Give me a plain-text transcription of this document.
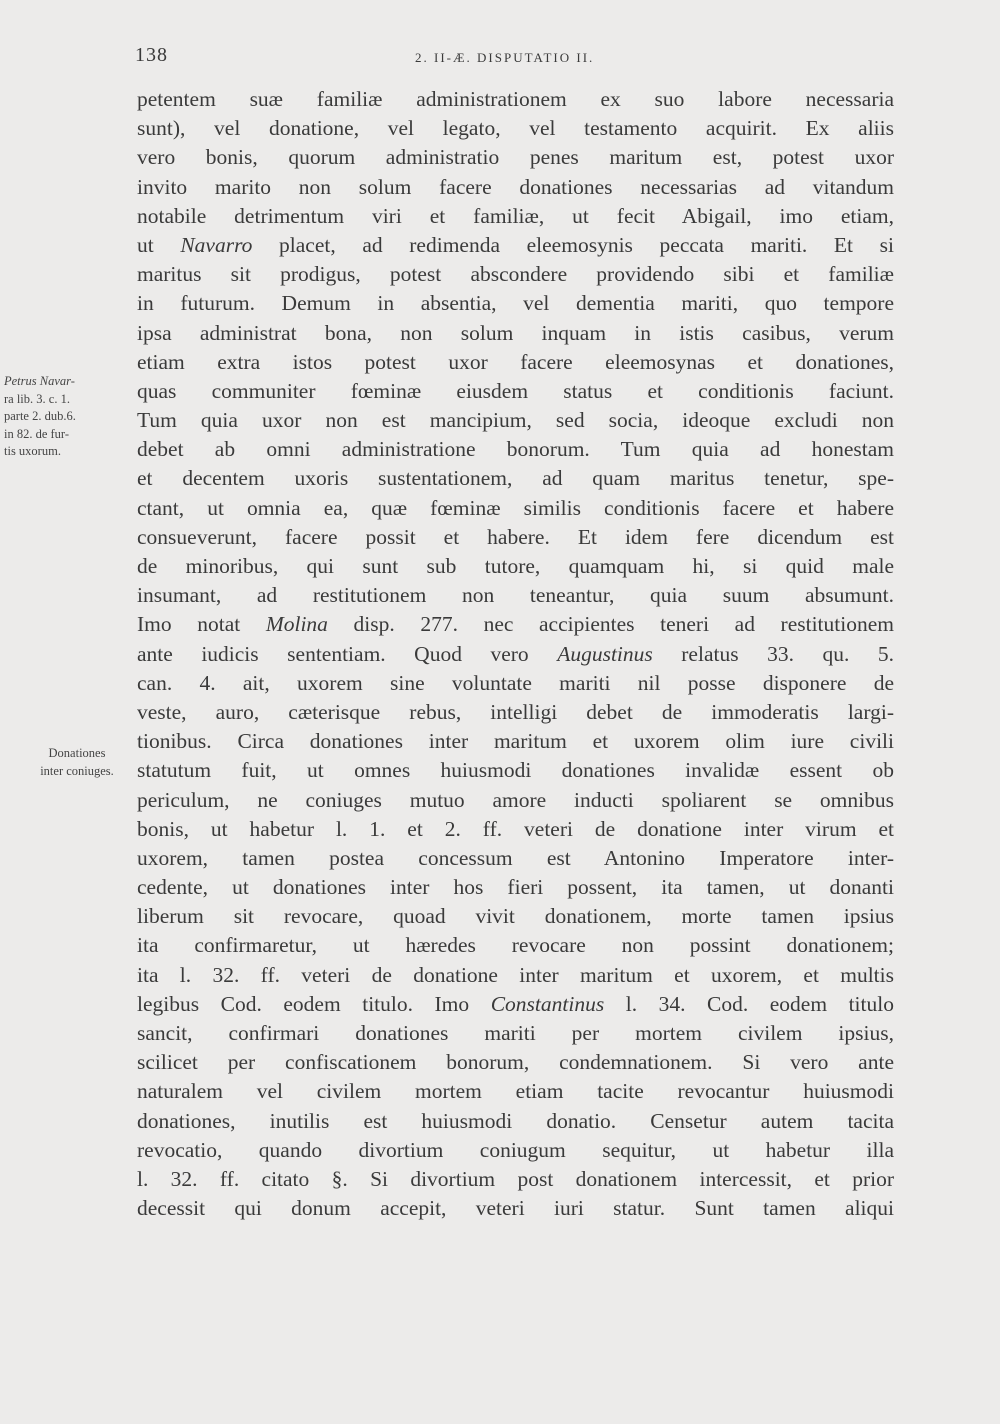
138	2. II-Æ. DISPUTATIO II.
petentem suæ familiæ administrationem ex suo labore necessaria
sunt), vel donatione, vel legato, vel testamento acquirit. Ex aliis
vero bonis, quorum administratio penes maritum est, potest uxor
invito marito non solum facere donationes necessarias ad vitandum
notabile detrimentum viri et familiæ, ut fecit Abigail, imo etiam,
ut Navarro placet, ad redimenda eleemosynis peccata mariti. Et si
maritus sit prodigus, potest abscondere providendo sibi et familiæ
in futurum. Demum in absentia, vel dementia mariti, quo tempore
ipsa administrat bona, non solum inquam in istis casibus, verum
etiam extra istos potest uxor facere eleemosynas et donationes,
quas communiter fœminæ eiusdem status et conditionis faciunt.
Tum quia uxor non est mancipium, sed socia, ideoque excludi non
debet ab omni administratione bonorum. Tum quia ad honestam
et decentem uxoris sustentationem, ad quam maritus tenetur, spe-
ctant, ut omnia ea, quæ fœminæ similis conditionis facere et habere
consueverunt, facere possit et habere. Et idem fere dicendum est
de minoribus, qui sunt sub tutore, quamquam hi, si quid male
insumant, ad restitutionem non teneantur, quia suum absumunt.
Imo notat Molina disp. 277. nec accipientes teneri ad restitutionem
ante iudicis sententiam. Quod vero Augustinus relatus 33. qu. 5.
can. 4. ait, uxorem sine voluntate mariti nil posse disponere de
veste, auro, cæterisque rebus, intelligi debet de immoderatis largi-
tionibus. Circa donationes inter maritum et uxorem olim iure civili
statutum fuit, ut omnes huiusmodi donationes invalidæ essent ob
periculum, ne coniuges mutuo amore inducti spoliarent se omnibus
bonis, ut habetur l. 1. et 2. ff. veteri de donatione inter virum et
uxorem, tamen postea concessum est Antonino Imperatore inter-
cedente, ut donationes inter hos fieri possent, ita tamen, ut donanti
liberum sit revocare, quoad vivit donationem, morte tamen ipsius
ita confirmaretur, ut hæredes revocare non possint donationem;
ita l. 32. ff. veteri de donatione inter maritum et uxorem, et multis
legibus Cod. eodem titulo. Imo Constantinus l. 34. Cod. eodem titulo
sancit, confirmari donationes mariti per mortem civilem ipsius,
scilicet per confiscationem bonorum, condemnationem. Si vero ante
naturalem vel civilem mortem etiam tacite revocantur huiusmodi
donationes, inutilis est huiusmodi donatio. Censetur autem tacita
revocatio, quando divortium coniugum sequitur, ut habetur illa
l. 32. ff. citato §. Si divortium post donationem intercessit, et prior
decessit qui donum accepit, veteri iuri statur. Sunt tamen aliqui
Petrus Navar-
ra lib. 3. c. 1.
parte 2. dub.6.
in 82. de fur-
tis uxorum.
Donationes
inter coniuges.
